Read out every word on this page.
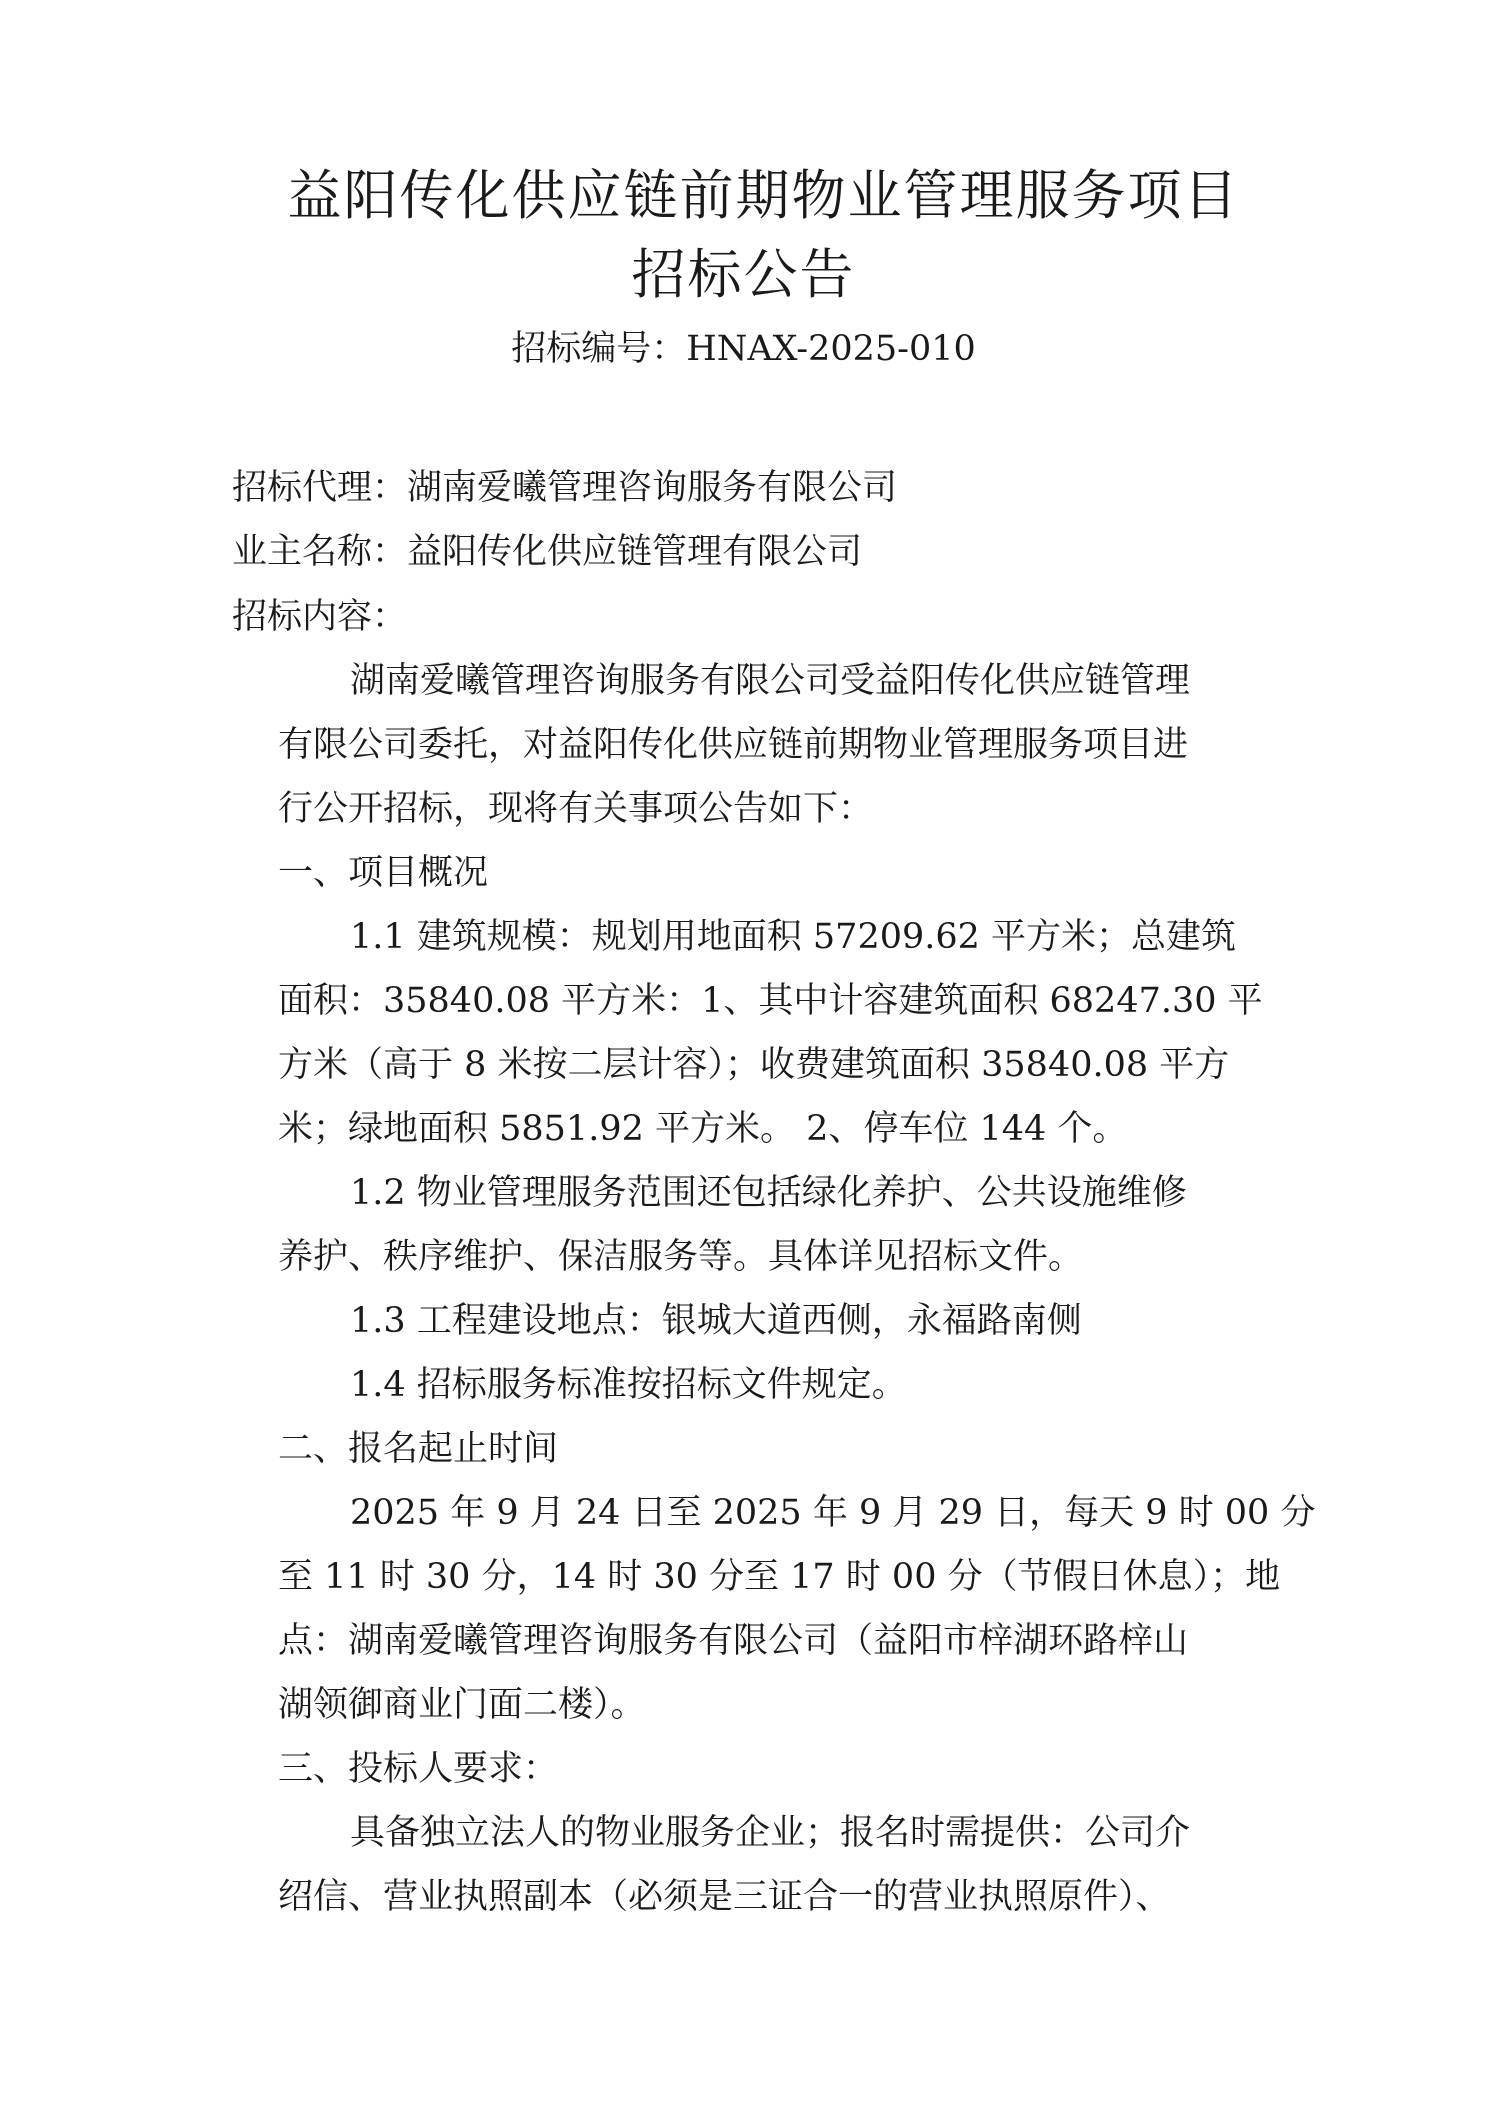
益阳传化供应链前期物业管理服务项目
招标公告
招标编号：HNAX-2025-010
招标代理：湖南爱曦管理咨询服务有限公司
业主名称：益阳传化供应链管理有限公司
招标内容：
湖南爱曦管理咨询服务有限公司受益阳传化供应链管理
有限公司委托，对益阳传化供应链前期物业管理服务项目进
行公开招标，现将有关事项公告如下：
一、项目概况
1.1 建筑规模：规划用地面积 57209.62 平方米；总建筑
面积：35840.08 平方米：1、其中计容建筑面积 68247.30 平
方米（高于 8 米按二层计容）；收费建筑面积 35840.08 平方
米；绿地面积 5851.92 平方米。 2、停车位 144 个。
1.2 物业管理服务范围还包括绿化养护、公共设施维修
养护、秩序维护、保洁服务等。具体详见招标文件。
1.3 工程建设地点：银城大道西侧，永福路南侧
1.4 招标服务标准按招标文件规定。
二、报名起止时间
2025 年 9 月 24 日至 2025 年 9 月 29 日，每天 9 时 00 分
至 11 时 30 分，14 时 30 分至 17 时 00 分（节假日休息）；地
点：湖南爱曦管理咨询服务有限公司（益阳市梓湖环路梓山
湖领御商业门面二楼）。
三、投标人要求：
具备独立法人的物业服务企业；报名时需提供：公司介
绍信、营业执照副本（必须是三证合一的营业执照原件）、
